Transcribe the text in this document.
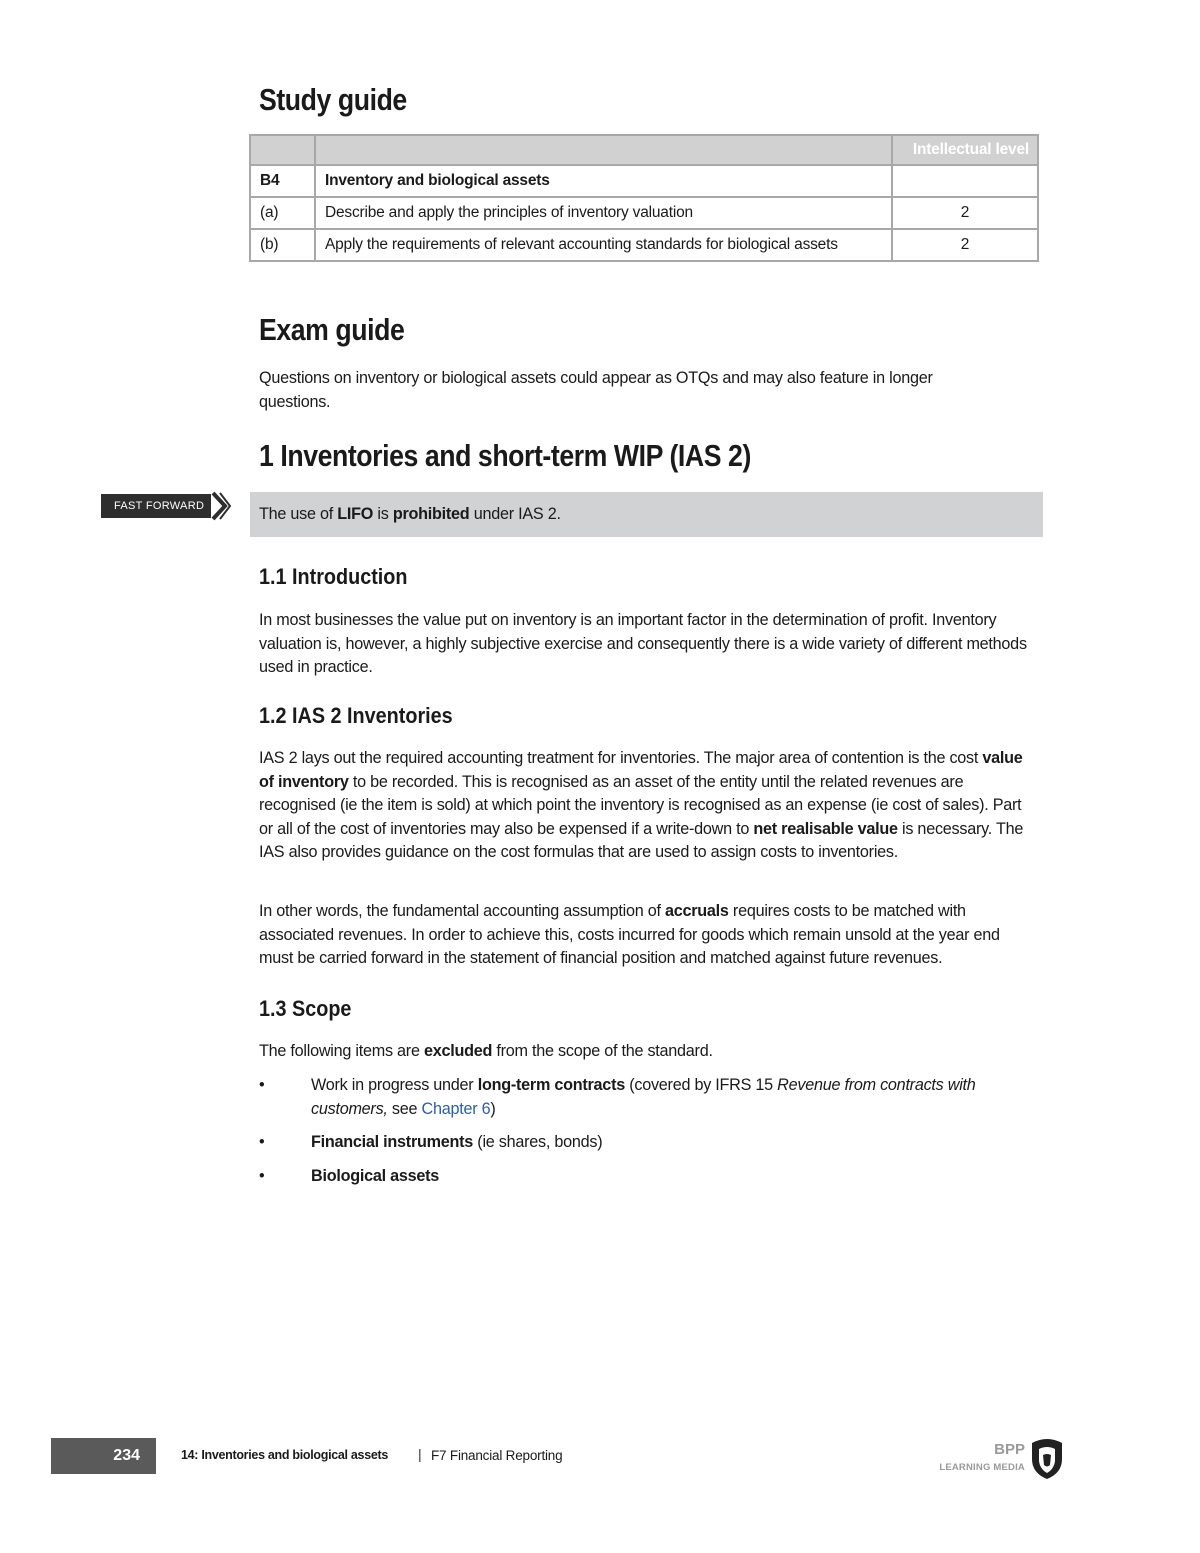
Study guide
		Intellectual level
B4	Inventory and biological assets	
(a)	Describe and apply the principles of inventory valuation	2
(b)	Apply the requirements of relevant accounting standards for biological assets	2
Exam guide

Questions on inventory or biological assets could appear as OTQs and may also feature in longer questions.

1 Inventories and short-term WIP (IAS 2)
FAST FORWARD	The use of LIFO is prohibited under IAS 2.
1.1 Introduction

In most businesses the value put on inventory is an important factor in the determination of profit. Inventory valuation is, however, a highly subjective exercise and consequently there is a wide variety of different methods used in practice.

1.2 IAS 2 Inventories

IAS 2 lays out the required accounting treatment for inventories. The major area of contention is the cost value of inventory to be recorded. This is recognised as an asset of the entity until the related revenues are recognised (ie the item is sold) at which point the inventory is recognised as an expense (ie cost of sales). Part or all of the cost of inventories may also be expensed if a write-down to net realisable value is necessary. The IAS also provides guidance on the cost formulas that are used to assign costs to inventories.

In other words, the fundamental accounting assumption of accruals requires costs to be matched with associated revenues. In order to achieve this, costs incurred for goods which remain unsold at the year end must be carried forward in the statement of financial position and matched against future revenues.

1.3 Scope

The following items are excluded from the scope of the standard.

•	Work in progress under long-term contracts (covered by IFRS 15 Revenue from contracts with customers, see Chapter 6)
•	Financial instruments (ie shares, bonds)
•	Biological assets
234	14: Inventories and biological assets | F7 Financial Reporting	BPP
LEARNING MEDIA
